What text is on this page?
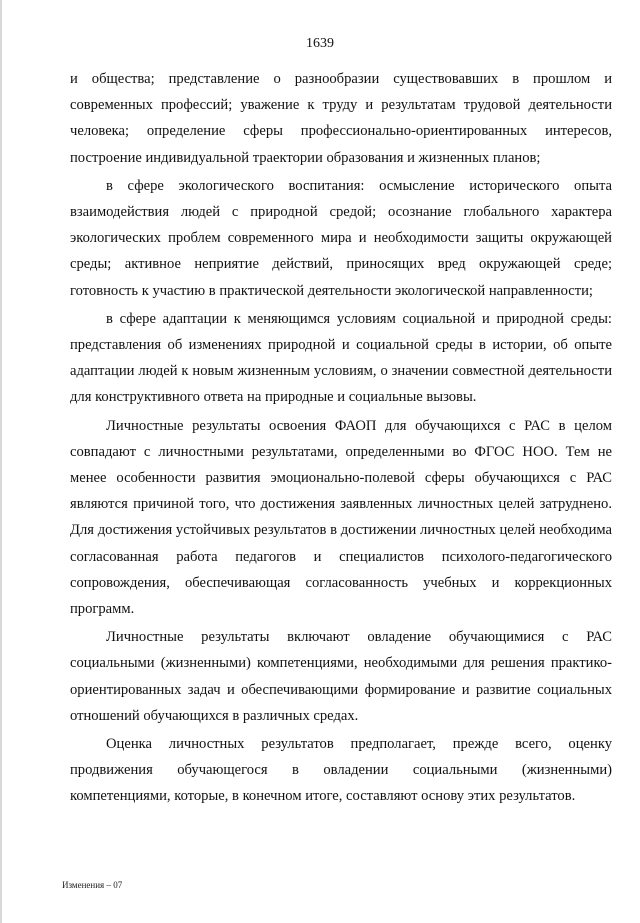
1639

и общества; представление о разнообразии существовавших в прошлом и современных профессий; уважение к труду и результатам трудовой деятельности человека; определение сферы профессионально-ориентированных интересов, построение индивидуальной траектории образования и жизненных планов;

в сфере экологического воспитания: осмысление исторического опыта взаимодействия людей с природной средой; осознание глобального характера экологических проблем современного мира и необходимости защиты окружающей среды; активное неприятие действий, приносящих вред окружающей среде; готовность к участию в практической деятельности экологической направленности;

в сфере адаптации к меняющимся условиям социальной и природной среды: представления об изменениях природной и социальной среды в истории, об опыте адаптации людей к новым жизненным условиям, о значении совместной деятельности для конструктивного ответа на природные и социальные вызовы.

Личностные результаты освоения ФАОП для обучающихся с РАС в целом совпадают с личностными результатами, определенными во ФГОС НОО. Тем не менее особенности развития эмоционально-полевой сферы обучающихся с РАС являются причиной того, что достижения заявленных личностных целей затруднено. Для достижения устойчивых результатов в достижении личностных целей необходима согласованная работа педагогов и специалистов психолого-педагогического сопровождения, обеспечивающая согласованность учебных и коррекционных программ.

Личностные результаты включают овладение обучающимися с РАС социальными (жизненными) компетенциями, необходимыми для решения практико-ориентированных задач и обеспечивающими формирование и развитие социальных отношений обучающихся в различных средах.

Оценка личностных результатов предполагает, прежде всего, оценку продвижения обучающегося в овладении социальными (жизненными) компетенциями, которые, в конечном итоге, составляют основу этих результатов.

Изменения – 07
